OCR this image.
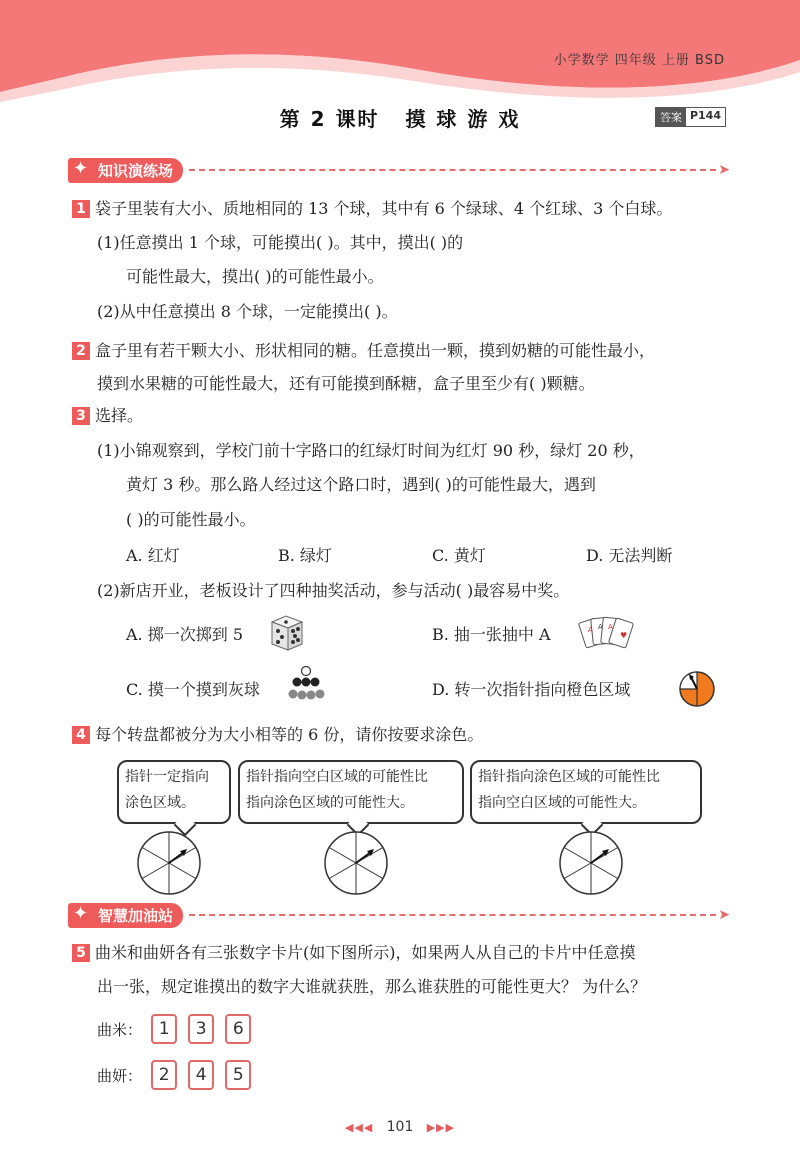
小学数学 四年级 上册 BSD
第 2 课时 摸 球 游 戏	答案 P144
✦ 知识演练场	➤
1 袋子里装有大小、质地相同的 13 个球，其中有 6 个绿球、4 个红球、3 个白球。
(1)任意摸出 1 个球，可能摸出( )。其中，摸出( )的
可能性最大，摸出( )的可能性最小。
(2)从中任意摸出 8 个球，一定能摸出( )。
2 盒子里有若干颗大小、形状相同的糖。任意摸出一颗，摸到奶糖的可能性最小，
摸到水果糖的可能性最大，还有可能摸到酥糖，盒子里至少有( )颗糖。
3 选择。
(1)小锦观察到，学校门前十字路口的红绿灯时间为红灯 90 秒，绿灯 20 秒，
黄灯 3 秒。那么路人经过这个路口时，遇到( )的可能性最大，遇到
( )的可能性最小。
A. 红灯	B. 绿灯	C. 黄灯	D. 无法判断
(2)新店开业，老板设计了四种抽奖活动，参与活动( )最容易中奖。
A. 掷一次掷到 5	B. 抽一张抽中 A	A A A
♥
C. 摸一个摸到灰球	D. 转一次指针指向橙色区域
4 每个转盘都被分为大小相等的 6 份，请你按要求涂色。
指针一定指向
涂色区域。
指针指向空白区域的可能性比
指向涂色区域的可能性大。
指针指向涂色区域的可能性比
指向空白区域的可能性大。
✦ 智慧加油站	➤
5 曲米和曲妍各有三张数字卡片(如下图所示)，如果两人从自己的卡片中任意摸
出一张，规定谁摸出的数字大谁就获胜，那么谁获胜的可能性更大？ 为什么？
曲米： 1 3 6
曲妍： 2 4 5
◀◀◀ 101 ▶▶▶
